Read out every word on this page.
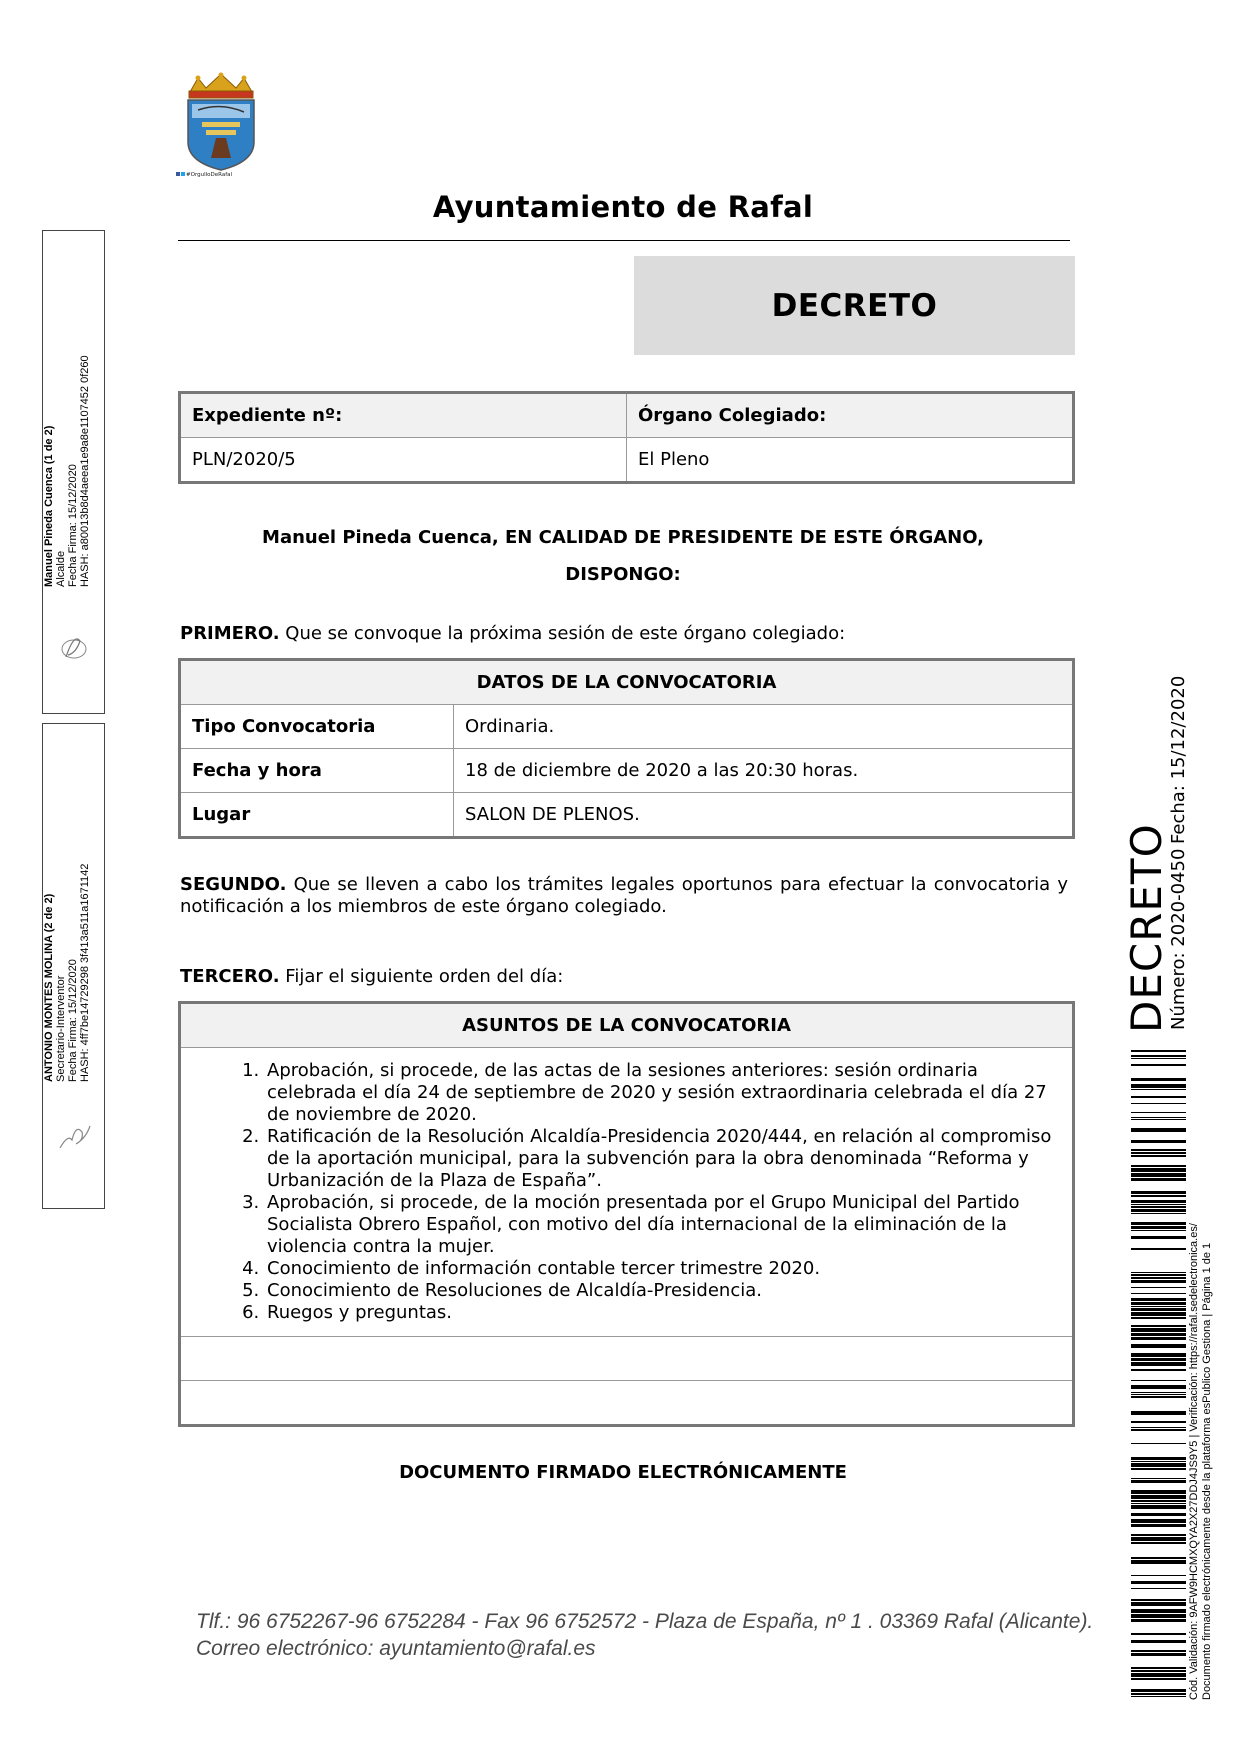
#OrgulloDeRafal
Ayuntamiento de Rafal
DECRETO
Expediente nº:	Órgano Colegiado:
PLN/2020/5	El Pleno
Manuel Pineda Cuenca, EN CALIDAD DE PRESIDENTE DE ESTE ÓRGANO,
DISPONGO:
PRIMERO. Que se convoque la próxima sesión de este órgano colegiado:
DATOS DE LA CONVOCATORIA	
Tipo Convocatoria	Ordinaria.
Fecha y hora	18 de diciembre de 2020 a las 20:30 horas.
Lugar	SALON DE PLENOS.
SEGUNDO. Que se lleven a cabo los trámites legales oportunos para efectuar la convocatoria y notificación a los miembros de este órgano colegiado.
TERCERO. Fijar el siguiente orden del día:
ASUNTOS DE LA CONVOCATORIA

1. Aprobación, si procede, de las actas de la sesiones anteriores: sesión ordinaria celebrada el día 24 de septiembre de 2020 y sesión extraordinaria celebrada el día 27 de noviembre de 2020.
2. Ratificación de la Resolución Alcaldía-Presidencia 2020/444, en relación al compromiso de la aportación municipal, para la subvención para la obra denominada “Reforma y Urbanización de la Plaza de España”.
3. Aprobación, si procede, de la moción presentada por el Grupo Municipal del Partido Socialista Obrero Español, con motivo del día internacional de la eliminación de la violencia contra la mujer.
4. Conocimiento de información contable tercer trimestre 2020.
5. Conocimiento de Resoluciones de Alcaldía-Presidencia.
6. Ruegos y preguntas.

DOCUMENTO FIRMADO ELECTRÓNICAMENTE
Tlf.: 96 6752267-96 6752284 - Fax 96 6752572 - Plaza de España, nº 1 . 03369 Rafal (Alicante).
Correo electrónico: ayuntamiento@rafal.es
Manuel Pineda Cuenca (1 de 2) Alcalde Fecha Firma: 15/12/2020 HASH: a80013b8d4aeea1e9a8e1107452 0f260
ANTONIO MONTES MOLINA (2 de 2) Secretario-Interventor Fecha Firma: 15/12/2020 HASH: 4ff7be14729298 3f413a511a1671142	DECRETO
Número: 2020-0450
Fecha: 15/12/2020
Cód. Validación: 9AFW9HCMXQYA2X27DDJ4JS9Y5 | Verificación: https://rafal.sedelectronica.es/ Documento firmado electrónicamente desde la plataforma esPublico Gestiona | Página 1 de 1
